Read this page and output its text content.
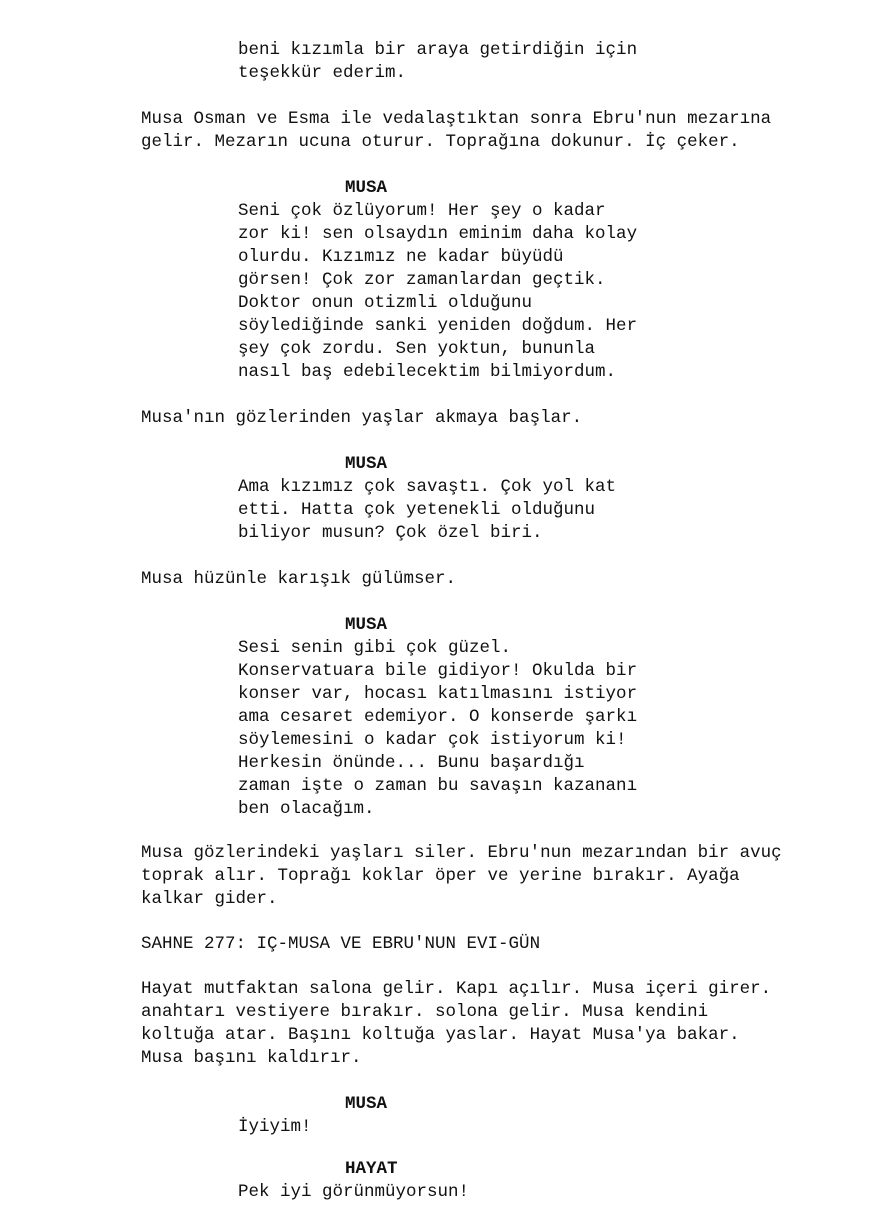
beni kızımla bir araya getirdiğin için
teşekkür ederim.
Musa Osman ve Esma ile vedalaştıktan sonra Ebru'nun mezarına
gelir. Mezarın ucuna oturur. Toprağına dokunur. İç çeker.
MUSA
Seni çok özlüyorum! Her şey o kadar
zor ki! sen olsaydın eminim daha kolay
olurdu. Kızımız ne kadar büyüdü
görsen! Çok zor zamanlardan geçtik.
Doktor onun otizmli olduğunu
söylediğinde sanki yeniden doğdum. Her
şey çok zordu. Sen yoktun, bununla
nasıl baş edebilecektim bilmiyordum.
Musa'nın gözlerinden yaşlar akmaya başlar.
MUSA
Ama kızımız çok savaştı. Çok yol kat
etti. Hatta çok yetenekli olduğunu
biliyor musun? Çok özel biri.
Musa hüzünle karışık gülümser.
MUSA
Sesi senin gibi çok güzel.
Konservatuara bile gidiyor! Okulda bir
konser var, hocası katılmasını istiyor
ama cesaret edemiyor. O konserde şarkı
söylemesini o kadar çok istiyorum ki!
Herkesin önünde... Bunu başardığı
zaman işte o zaman bu savaşın kazananı
ben olacağım.
Musa gözlerindeki yaşları siler. Ebru'nun mezarından bir avuç
toprak alır. Toprağı koklar öper ve yerine bırakır. Ayağa
kalkar gider.
SAHNE 277: IÇ-MUSA VE EBRU'NUN EVI-GÜN
Hayat mutfaktan salona gelir. Kapı açılır. Musa içeri girer.
anahtarı vestiyere bırakır. solona gelir. Musa kendini
koltuğa atar. Başını koltuğa yaslar. Hayat Musa'ya bakar.
Musa başını kaldırır.
MUSA
İyiyim!
HAYAT
Pek iyi görünmüyorsun!
